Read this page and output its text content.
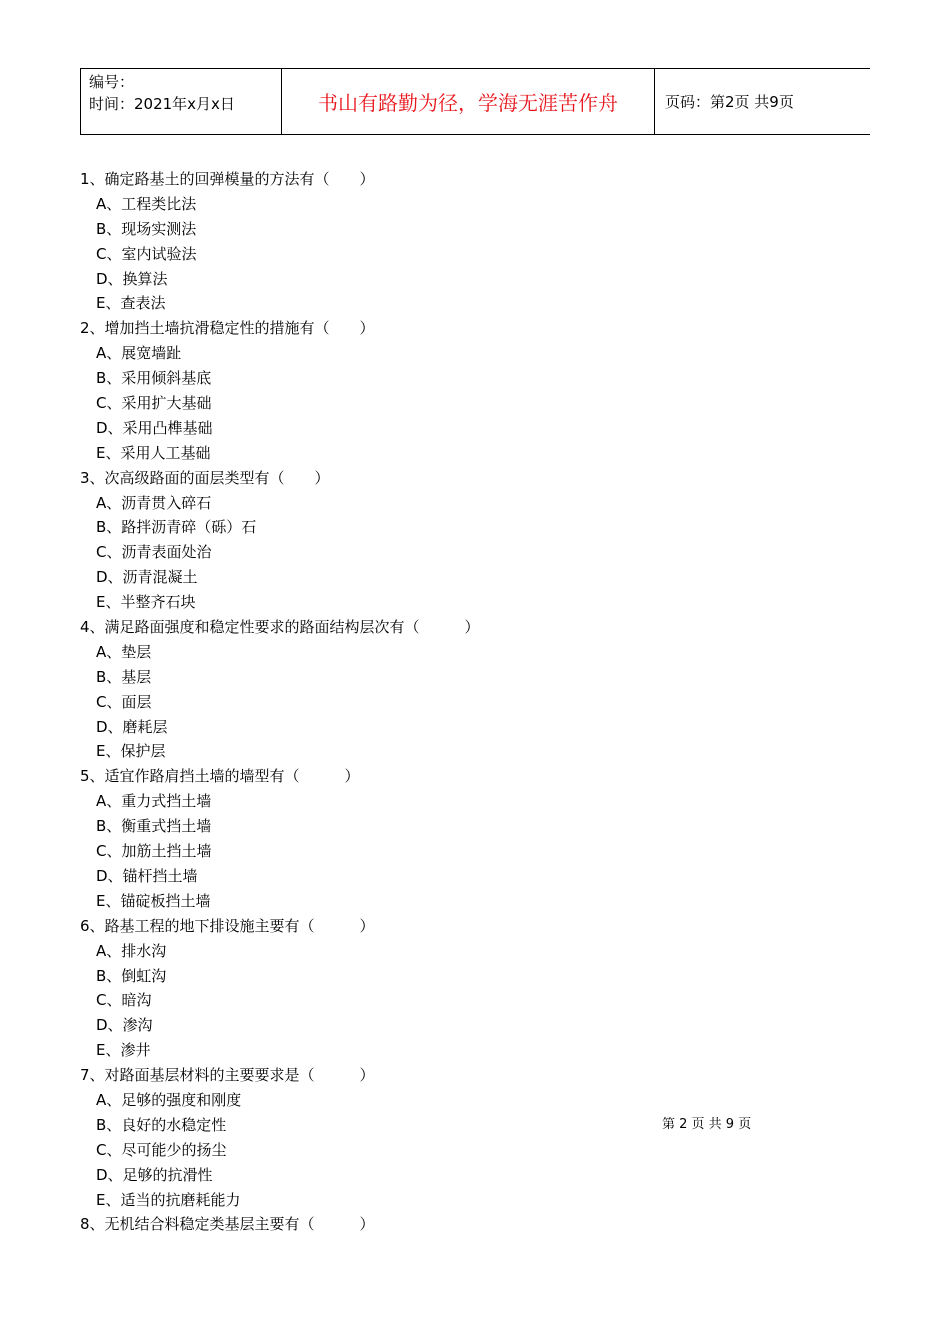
编号：
时间：2021年x月x日	书山有路勤为径，学海无涯苦作舟	页码：第2页 共9页
1、确定路基土的回弹模量的方法有（　　）
A、工程类比法
B、现场实测法
C、室内试验法
D、换算法
E、查表法
2、增加挡土墙抗滑稳定性的措施有（　　）
A、展宽墙趾
B、采用倾斜基底
C、采用扩大基础
D、采用凸榫基础
E、采用人工基础
3、次高级路面的面层类型有（　　）
A、沥青贯入碎石
B、路拌沥青碎（砾）石
C、沥青表面处治
D、沥青混凝土
E、半整齐石块
4、满足路面强度和稳定性要求的路面结构层次有（　　　）
A、垫层
B、基层
C、面层
D、磨耗层
E、保护层
5、适宜作路肩挡土墙的墙型有（　　　）
A、重力式挡土墙
B、衡重式挡土墙
C、加筋土挡土墙
D、锚杆挡土墙
E、锚碇板挡土墙
6、路基工程的地下排设施主要有（　　　）
A、排水沟
B、倒虹沟
C、暗沟
D、渗沟
E、渗井
7、对路面基层材料的主要要求是（　　　）
A、足够的强度和刚度
B、良好的水稳定性
C、尽可能少的扬尘
D、足够的抗滑性
E、适当的抗磨耗能力
8、无机结合料稳定类基层主要有（　　　）
第 2 页 共 9 页
